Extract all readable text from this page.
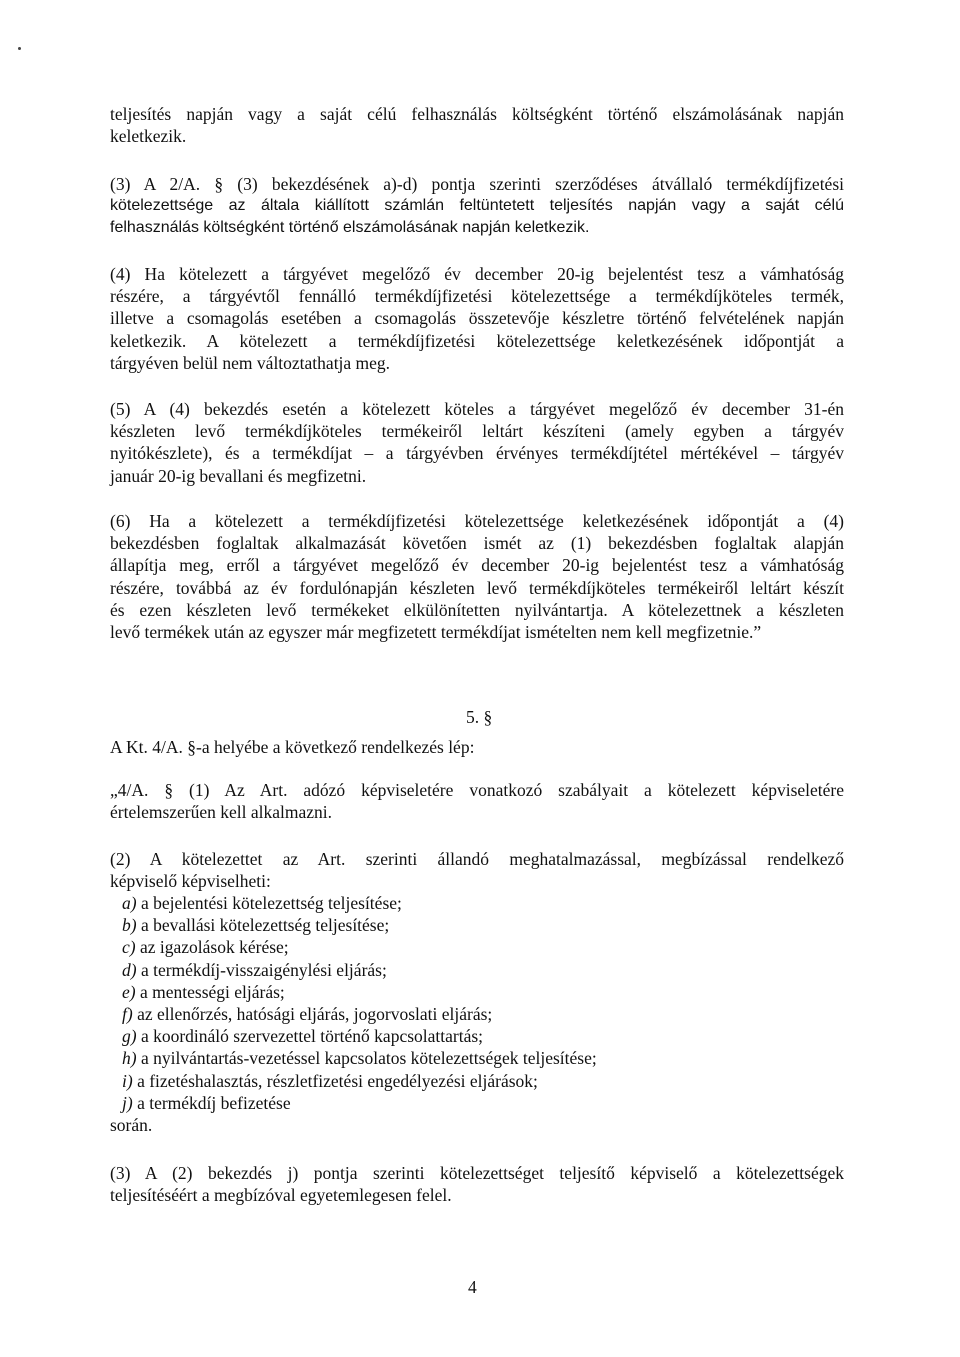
teljesítés napján vagy a saját célú felhasználás költségként történő elszámolásának napján
keletkezik.

(3) A 2/A. § (3) bekezdésének a)-d) pontja szerinti szerződéses átvállaló termékdíjfizetési
kötelezettsége az általa kiállított számlán feltüntetett teljesítés napján vagy a saját célú
felhasználás költségként történő elszámolásának napján keletkezik.

(4) Ha kötelezett a tárgyévet megelőző év december 20-ig bejelentést tesz a vámhatóság
részére, a tárgyévtől fennálló termékdíjfizetési kötelezettsége a termékdíjköteles termék,
illetve a csomagolás esetében a csomagolás összetevője készletre történő felvételének napján
keletkezik. A kötelezett a termékdíjfizetési kötelezettsége keletkezésének időpontját a
tárgyéven belül nem változtathatja meg.

(5) A (4) bekezdés esetén a kötelezett köteles a tárgyévet megelőző év december 31-én
készleten levő termékdíjköteles termékeiről leltárt készíteni (amely egyben a tárgyév
nyitókészlete), és a termékdíjat – a tárgyévben érvényes termékdíjtétel mértékével – tárgyév
január 20-ig bevallani és megfizetni.

(6) Ha a kötelezett a termékdíjfizetési kötelezettsége keletkezésének időpontját a (4)
bekezdésben foglaltak alkalmazását követően ismét az (1) bekezdésben foglaltak alapján
állapítja meg, erről a tárgyévet megelőző év december 20-ig bejelentést tesz a vámhatóság
részére, továbbá az év fordulónapján készleten levő termékdíjköteles termékeiről leltárt készít
és ezen készleten levő termékeket elkülönítetten nyilvántartja. A kötelezettnek a készleten
levő termékek után az egyszer már megfizetett termékdíjat ismételten nem kell megfizetnie.”

5. §

A Kt. 4/A. §-a helyébe a következő rendelkezés lép:

„4/A. § (1) Az Art. adózó képviseletére vonatkozó szabályait a kötelezett képviseletére
értelemszerűen kell alkalmazni.

(2) A kötelezettet az Art. szerinti állandó meghatalmazással, megbízással rendelkező
képviselő képviselheti:

a) a bejelentési kötelezettség teljesítése;
b) a bevallási kötelezettség teljesítése;
c) az igazolások kérése;
d) a termékdíj-visszaigénylési eljárás;
e) a mentességi eljárás;
f) az ellenőrzés, hatósági eljárás, jogorvoslati eljárás;
g) a koordináló szervezettel történő kapcsolattartás;
h) a nyilvántartás-vezetéssel kapcsolatos kötelezettségek teljesítése;
i) a fizetéshalasztás, részletfizetési engedélyezési eljárások;
j) a termékdíj befizetése

során.

(3) A (2) bekezdés j) pontja szerinti kötelezettséget teljesítő képviselő a kötelezettségek
teljesítéséért a megbízóval egyetemlegesen felel.

4
